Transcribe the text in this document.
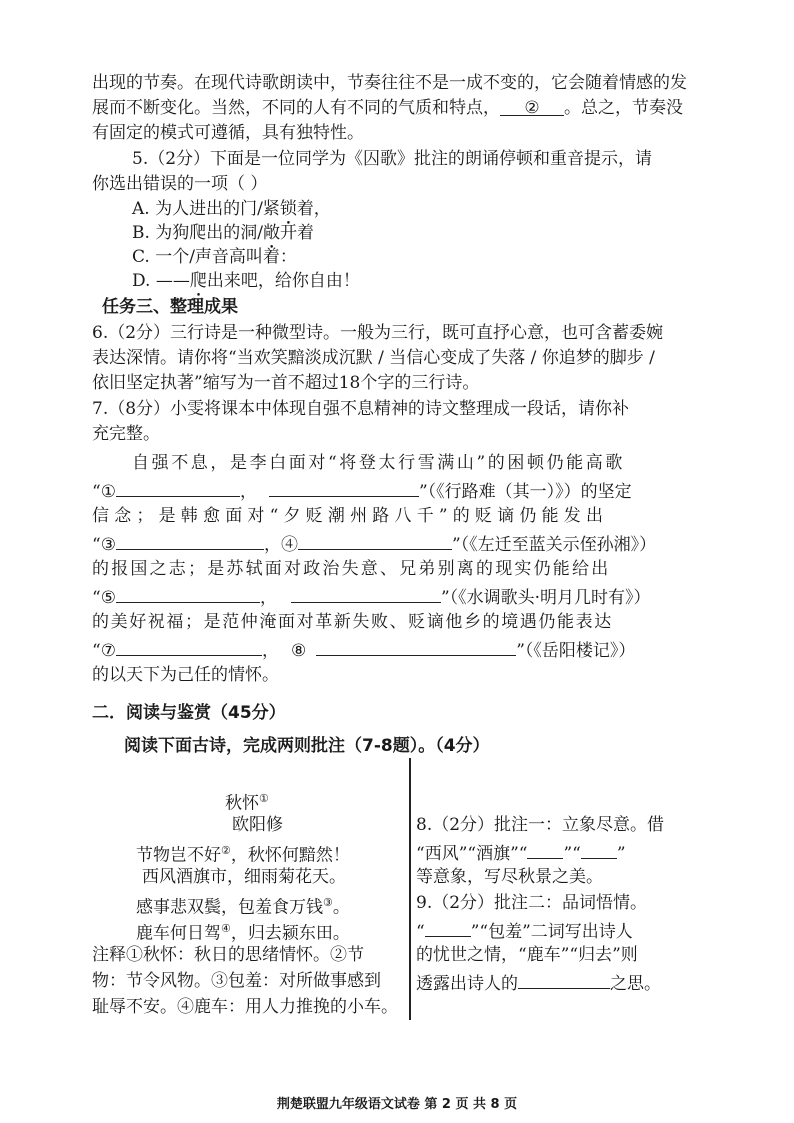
出现的节奏。在现代诗歌朗读中，节奏往往不是一成不变的，它会随着情感的发
展而不断变化。当然，不同的人有不同的气质和特点， ② 。总之，节奏没
有固定的模式可遵循，具有独特性。
5.（2分）下面是一位同学为《囚歌》批注的朗诵停顿和重音提示，请
你选出错误的一项（ ）
A. 为人进出的门/紧锁着，
B. 为狗爬出的洞/敞开着
C. 一个/声音高叫着：
D. ——爬出来吧，给你自由！
任务三、整理成果
6.（2分）三行诗是一种微型诗。一般为三行，既可直抒心意，也可含蓄委婉
表达深情。请你将“当欢笑黯淡成沉默 / 当信心变成了失落 / 你追梦的脚步 /
依旧坚定执著”缩写为一首不超过18个字的三行诗。
7.（8分）小雯将课本中体现自强不息精神的诗文整理成一段话，请你补
充完整。
自强不息，是李白面对“将登太行雪满山”的困顿仍能高歌
“①	，	”（《行路难（其一）》）的坚定
信念；是韩愈面对“夕贬潮州路八千”的贬谪仍能发出
“③	，④	”（《左迁至蓝关示侄孙湘》）
的报国之志；是苏轼面对政治失意、兄弟别离的现实仍能给出
“⑤	，	”（《水调歌头·明月几时有》）
的美好祝福；是范仲淹面对革新失败、贬谪他乡的境遇仍能表达
“⑦	， ⑧	”（《岳阳楼记》）
的以天下为己任的情怀。
二．阅读与鉴赏（45分）
阅读下面古诗，完成两则批注（7-8题）。（4分）
秋怀①
欧阳修
节物岂不好②，秋怀何黯然！
西风酒旗市，细雨菊花天。
感事悲双鬓，包羞食万钱③。
鹿车何日驾④，归去颍东田。
注释①秋怀：秋日的思绪情怀。②节
物：节令风物。③包羞：对所做事感到
耻辱不安。④鹿车：用人力推挽的小车。
8.（2分）批注一：立象尽意。借
“西风”“酒旗”“ ”“ ”
等意象，写尽秋景之美。
9.（2分）批注二：品词悟情。
“	”“包羞”二词写出诗人
的忧世之情，“鹿车”“归去”则
透露出诗人的	之思。
荆楚联盟九年级语文试卷 第 2 页 共 8 页
